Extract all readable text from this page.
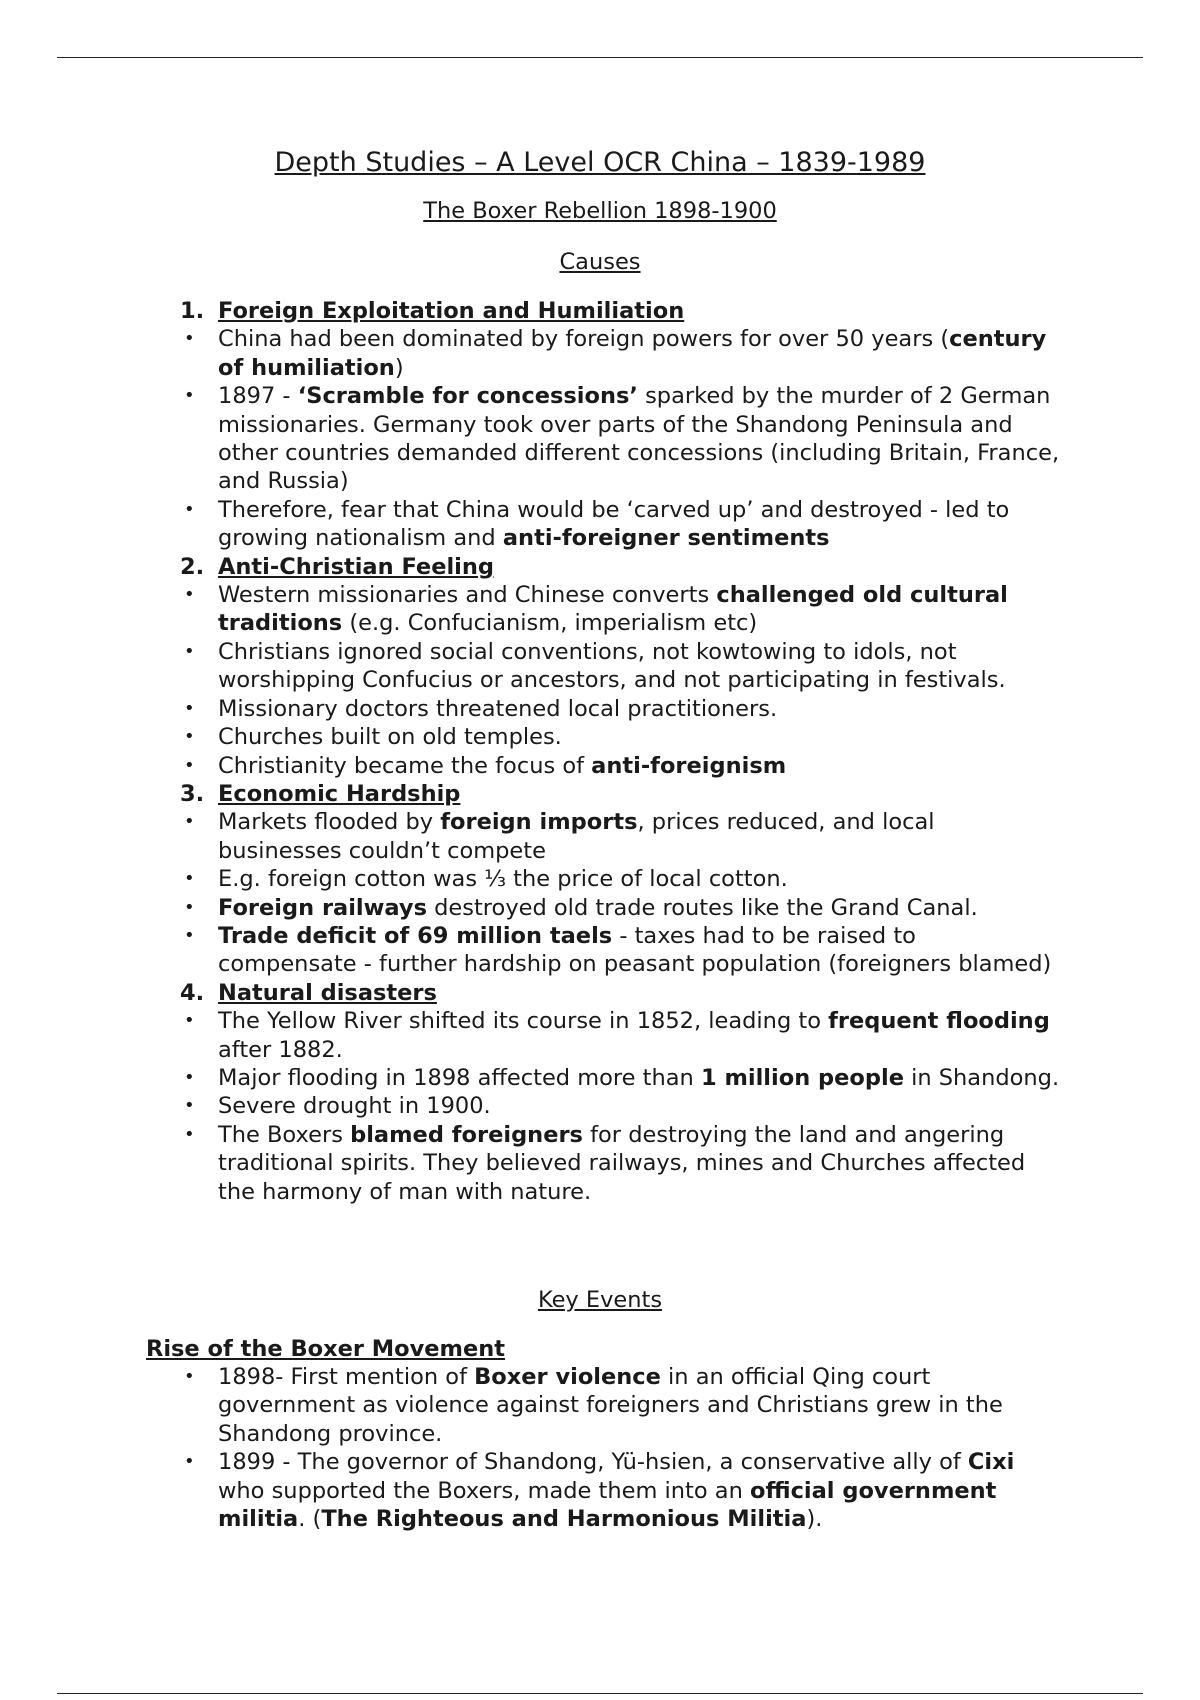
Depth Studies – A Level OCR China – 1839-1989
The Boxer Rebellion 1898-1900
Causes
1. Foreign Exploitation and Humiliation
• China had been dominated by foreign powers for over 50 years (century of humiliation)
• 1897 - ‘Scramble for concessions’ sparked by the murder of 2 German missionaries. Germany took over parts of the Shandong Peninsula and other countries demanded different concessions (including Britain, France, and Russia)
• Therefore, fear that China would be ‘carved up’ and destroyed - led to growing nationalism and anti-foreigner sentiments
2. Anti-Christian Feeling
• Western missionaries and Chinese converts challenged old cultural traditions (e.g. Confucianism, imperialism etc)
• Christians ignored social conventions, not kowtowing to idols, not worshipping Confucius or ancestors, and not participating in festivals.
• Missionary doctors threatened local practitioners.
• Churches built on old temples.
• Christianity became the focus of anti-foreignism
3. Economic Hardship
• Markets flooded by foreign imports, prices reduced, and local businesses couldn’t compete
• E.g. foreign cotton was ⅓ the price of local cotton.
• Foreign railways destroyed old trade routes like the Grand Canal.
• Trade deficit of 69 million taels - taxes had to be raised to compensate - further hardship on peasant population (foreigners blamed)
4. Natural disasters
• The Yellow River shifted its course in 1852, leading to frequent flooding after 1882.
• Major flooding in 1898 affected more than 1 million people in Shandong.
• Severe drought in 1900.
• The Boxers blamed foreigners for destroying the land and angering traditional spirits. They believed railways, mines and Churches affected the harmony of man with nature.
Key Events
Rise of the Boxer Movement
• 1898- First mention of Boxer violence in an official Qing court government as violence against foreigners and Christians grew in the Shandong province.
• 1899 - The governor of Shandong, Yü-hsien, a conservative ally of Cixi who supported the Boxers, made them into an official government militia. (The Righteous and Harmonious Militia).
